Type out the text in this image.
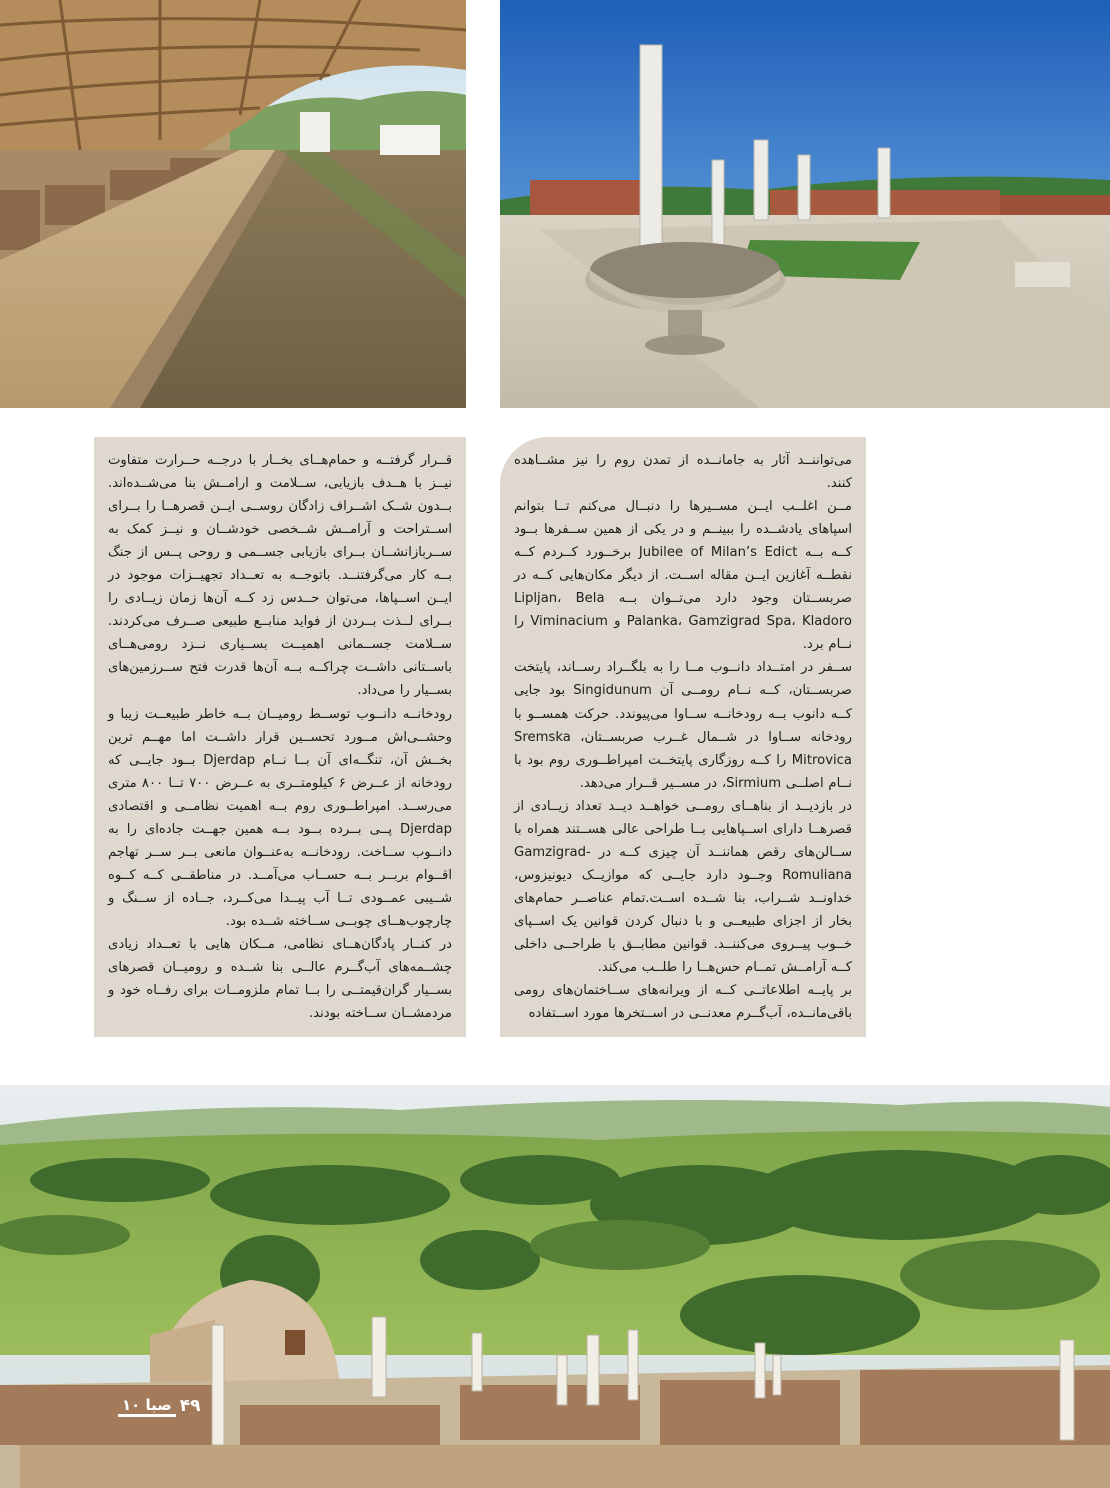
می‌تواننــد آثار به جامانــده از تمدن روم را نیز مشــاهده کنند.

مــن اغلــب ایــن مســیرها را دنبــال می‌کنم تــا بتوانم اسپاهای یادشــده را ببینــم و در یکی از همین ســفرها بــود کــه بــه Jubilee of Milan’s Edict برخــورد کــردم کــه نقطــه آغازین ایــن مقاله اســت. از دیگر مکان‌هایی کــه در صربســتان وجود دارد می‌تــوان بــه Lipljan، Bela Palanka، Gamzigrad Spa، Kladoro و Viminacium را نــام برد.

ســفر در امتــداد دانــوب مــا را به بلگــراد رســاند، پایتخت صربســتان، کــه نــام رومــی آن Singidunum بود جایی کــه دانوب بــه رودخانــه ســاوا می‌پیوندد. حرکت همســو با رودخانه ســاوا در شــمال غــرب صربســتان، Sremska Mitrovica را کــه روزگاری پایتخــت امپراطــوری روم بود با نــام اصلــی Sirmium، در مســیر قــرار می‌دهد.

در بازدیــد از بناهــای رومــی خواهــد دیــد تعداد زیــادی از قصرهــا دارای اســپاهایی بــا طراحی عالی هســتند همراه با ســالن‌های رقص هماننــد آن چیزی کــه در Gamzigrad-Romuliana وجــود دارد جایــی که موازیــک دیونیزوس، خداونــد شــراب، بنا شــده اســت.تمام عناصــر حمام‌های بخار از اجزای طبیعــی و با دنبال کردن قوانین یک اســپای خــوب پیــروی می‌کننــد. قوانین مطابــق با طراحــی داخلی کــه آرامــش تمــام حس‌هــا را طلــب می‌کند.

بر پایــه اطلاعاتــی کــه از ویرانه‌های ســاختمان‌های رومی باقی‌مانــده، آب‌گــرم معدنــی در اســتخرها مورد اســتفاده

قــرار گرفتــه و حمام‌هــای بخــار با درجــه حــرارت متفاوت نیــز با هــدف بازیابی، ســلامت و ارامــش بنا می‌شــده‌اند. بــدون شــک اشــراف زادگان روســی ایــن قصرهــا را بــرای اســتراحت و آرامــش شــخصی خودشــان و نیــز کمک به ســربازانشــان بــرای بازیابی جســمی و روحی پــس از جنگ بــه کار می‌گرفتنــد. باتوجــه به تعــداد تجهیــزات موجود در ایــن اســپاها، می‌توان حــدس زد کــه آن‌ها زمان زیــادی را بــرای لــذت بــردن از فواید منابــع طبیعی صــرف می‌کردند. ســلامت جســمانی اهمیــت بســیاری نــزد رومی‌هــای باســتانی داشــت چراکــه بــه آن‌ها قدرت فتح ســرزمین‌های بســیار را می‌داد.

رودخانــه دانــوب توســط رومیــان بــه خاطر طبیعــت زیبا و وحشــی‌اش مــورد تحســین قرار داشــت اما مهــم ترین بخــش آن، تنگــه‌ای آن بــا نــام Djerdap بــود جایــی که رودخانه از عــرض ۶ کیلومتــری به عــرض ۷۰۰ تــا ۸۰۰ متری می‌رســد. امپراطــوری روم بــه اهمیت نظامــی و اقتصادی Djerdap پــی بــرده بــود بــه همین جهــت جاده‌ای را به دانــوب ســاخت. رودخانــه به‌عنــوان مانعی بــر ســر تهاجم اقــوام بربــر بــه حســاب می‌آمــد. در مناطقــی کــه کــوه شــیبی عمــودی تــا آب پیــدا می‌کــرد، جــاده از ســنگ و چارچوب‌هــای چوبــی ســاخته شــده بود.

در کنــار پادگان‌هــای نظامی، مــکان هایی با تعــداد زیادی چشــمه‌های آب‌گــرم عالــی بنا شــده و رومیــان قصرهای بســیار گران‌قیمتــی را بــا تمام ملزومــات برای رفــاه خود و مردمشــان ســاخته بودند.

۱۰ صبا ۴۹
